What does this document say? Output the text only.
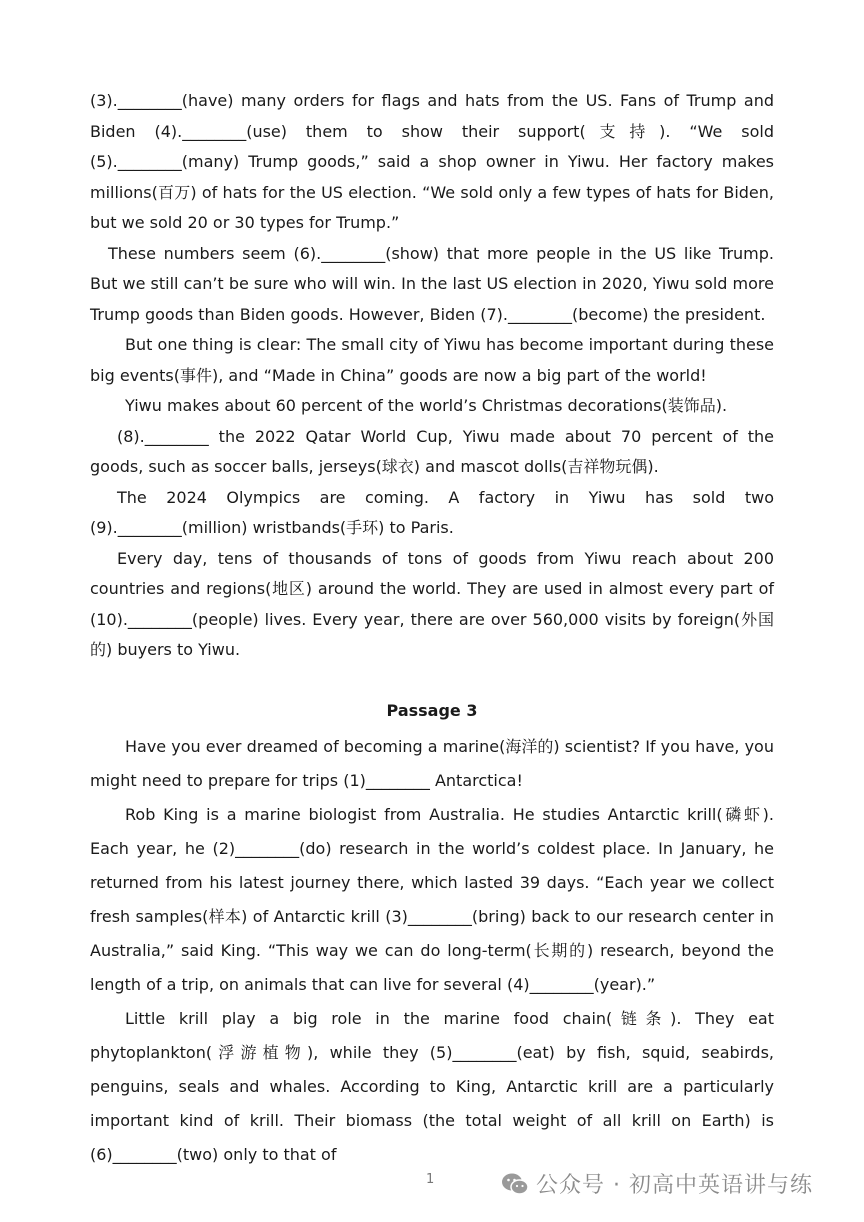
(3).________(have) many orders for flags and hats from the US. Fans of Trump and Biden (4).________(use) them to show their support(支持). “We sold (5).________(many) Trump goods,” said a shop owner in Yiwu. Her factory makes millions(百万) of hats for the US election. “We sold only a few types of hats for Biden, but we sold 20 or 30 types for Trump.”

These numbers seem (6).________(show) that more people in the US like Trump. But we still can’t be sure who will win. In the last US election in 2020, Yiwu sold more Trump goods than Biden goods. However, Biden (7).________(become) the president.

But one thing is clear: The small city of Yiwu has become important during these big events(事件), and “Made in China” goods are now a big part of the world!

Yiwu makes about 60 percent of the world’s Christmas decorations(装饰品).

(8).________ the 2022 Qatar World Cup, Yiwu made about 70 percent of the goods, such as soccer balls, jerseys(球衣) and mascot dolls(吉祥物玩偶).

The 2024 Olympics are coming. A factory in Yiwu has sold two (9).________(million) wristbands(手环) to Paris.

Every day, tens of thousands of tons of goods from Yiwu reach about 200 countries and regions(地区) around the world. They are used in almost every part of (10).________(people) lives. Every year, there are over 560,000 visits by foreign(外国的) buyers to Yiwu.

Passage 3

Have you ever dreamed of becoming a marine(海洋的) scientist? If you have, you might need to prepare for trips (1)________ Antarctica!

Rob King is a marine biologist from Australia. He studies Antarctic krill(磷虾). Each year, he (2)________(do) research in the world’s coldest place. In January, he returned from his latest journey there, which lasted 39 days. “Each year we collect fresh samples(样本) of Antarctic krill (3)________(bring) back to our research center in Australia,” said King. “This way we can do long-term(长期的) research, beyond the length of a trip, on animals that can live for several (4)________(year).”

Little krill play a big role in the marine food chain(链条). They eat phytoplankton(浮游植物), while they (5)________(eat) by fish, squid, seabirds, penguins, seals and whales. According to King, Antarctic krill are a particularly important kind of krill. Their biomass (the total weight of all krill on Earth) is (6)________(two) only to that of

1	公众号 · 初高中英语讲与练
